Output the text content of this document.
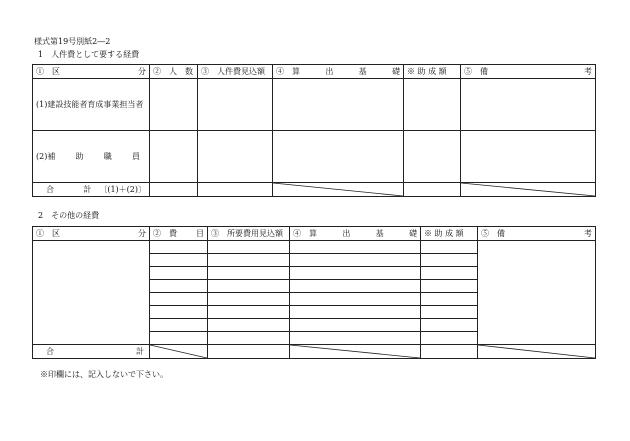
様式第19号別紙2―2
1　人件費として要する経費
①　区 分	②　人　数	③　人件費見込額	④　算 出 基 礎	※ 助 成 額	⑤　備 考

(1)建設技能者育成事業担当者					

(2)補 助 職 員					

合 計 〔(1)＋(2)〕

2　その他の経費
①　区 分	②　費 目	③　所要費用見込額	④　算 出 基 礎	※ 助 成 額	⑤　備 考

合 計

※印欄には、記入しないで下さい。
